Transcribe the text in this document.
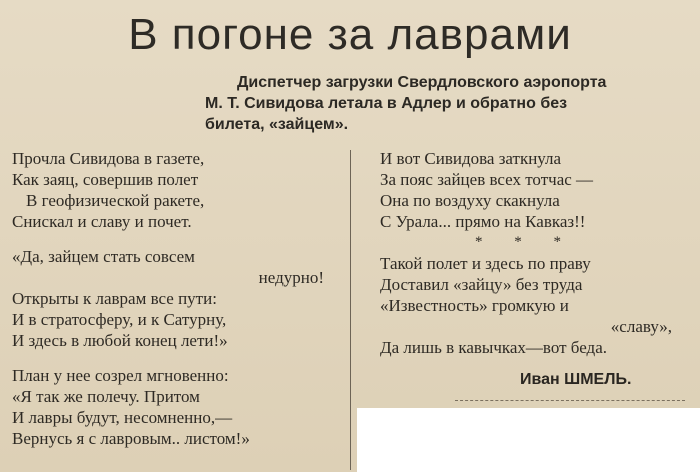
В погоне за лаврами
Диспетчер загрузки Свердловского аэропорта
М. Т. Сивидова летала в Адлер и обратно без
билета, «зайцем».
Прочла Сивидова в газете,
Как заяц, совершив полет
В геофизической ракете,
Снискал и славу и почет.
«Да, зайцем стать совсем
недурно!
Открыты к лаврам все пути:
И в стратосферу, и к Сатурну,
И здесь в любой конец лети!»
План у нее созрел мгновенно:
«Я так же полечу. Притом
И лавры будут, несомненно,—
Вернусь я с лавровым.. листом!»
И вот Сивидова заткнула
За пояс зайцев всех тотчас —
Она по воздуху скакнула
С Урала... прямо на Кавказ!!
* * *
Такой полет и здесь по праву
Доставил «зайцу» без труда
«Известность» громкую и
«славу»,
Да лишь в кавычках—вот беда.
Иван ШМЕЛЬ.
